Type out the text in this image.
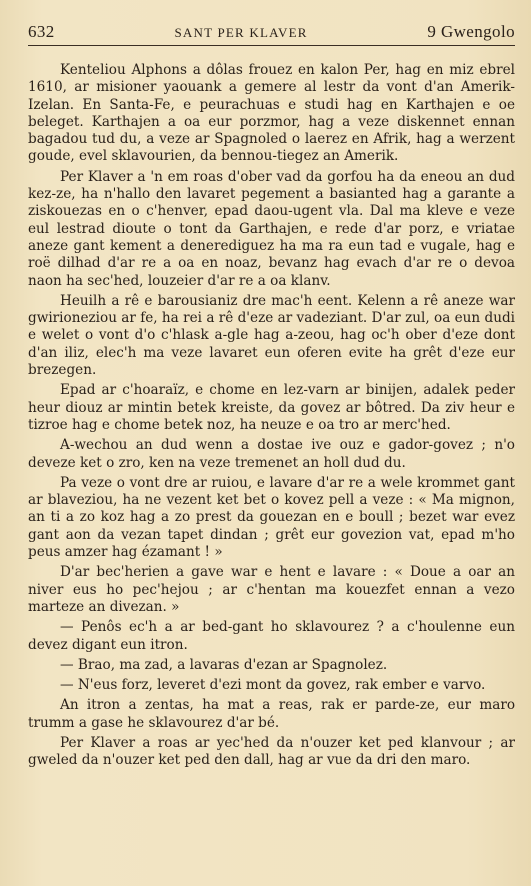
632	SANT PER KLAVER	9 Gwengolo

Kenteliou Alphons a dôlas frouez en kalon Per, hag en miz ebrel 1610, ar misioner yaouank a gemere al lestr da vont d'an Amerik-Izelan. En Santa-Fe, e peurachuas e studi hag en Karthajen e oe beleget. Karthajen a oa eur porzmor, hag a veze diskennet ennan bagadou tud du, a veze ar Spagnoled o laerez en Afrik, hag a werzent goude, evel sklavourien, da bennou-tiegez an Amerik.

Per Klaver a 'n em roas d'ober vad da gorfou ha da eneou an dud kez-ze, ha n'hallo den lavaret pegement a basianted hag a garante a ziskouezas en o c'henver, epad daou-ugent vla. Dal ma kleve e veze eul lestrad dioute o tont da Garthajen, e rede d'ar porz, e vriatae aneze gant kement a denerediguez ha ma ra eun tad e vugale, hag e roë dilhad d'ar re a oa en noaz, bevanz hag evach d'ar re o devoa naon ha sec'hed, louzeier d'ar re a oa klanv.

Heuilh a rê e barousianiz dre mac'h eent. Kelenn a rê aneze war gwirioneziou ar fe, ha rei a rê d'eze ar vadeziant. D'ar zul, oa eun dudi e welet o vont d'o c'hlask a-gle hag a-zeou, hag oc'h ober d'eze dont d'an iliz, elec'h ma veze lavaret eun oferen evite ha grêt d'eze eur brezegen.

Epad ar c'hoaraïz, e chome en lez-varn ar binijen, adalek peder heur diouz ar mintin betek kreiste, da govez ar bôtred. Da ziv heur e tizroe hag e chome betek noz, ha neuze e oa tro ar merc'hed.

A-wechou an dud wenn a dostae ive ouz e gador-govez ; n'o deveze ket o zro, ken na veze tremenet an holl dud du.

Pa veze o vont dre ar ruiou, e lavare d'ar re a wele krommet gant ar blaveziou, ha ne vezent ket bet o kovez pell a veze : « Ma mignon, an ti a zo koz hag a zo prest da gouezan en e boull ; bezet war evez gant aon da vezan tapet dindan ; grêt eur govezion vat, epad m'ho peus amzer hag ézamant ! »

D'ar bec'herien a gave war e hent e lavare : « Doue a oar an niver eus ho pec'hejou ; ar c'hentan ma kouezfet ennan a vezo marteze an divezan. »

— Penôs ec'h a ar bed-gant ho sklavourez ? a c'houlenne eun devez digant eun itron.

— Brao, ma zad, a lavaras d'ezan ar Spagnolez.

— N'eus forz, leveret d'ezi mont da govez, rak ember e varvo.

An itron a zentas, ha mat a reas, rak er parde-ze, eur maro trumm a gase he sklavourez d'ar bé.

Per Klaver a roas ar yec'hed da n'ouzer ket ped klanvour ; ar gweled da n'ouzer ket ped den dall, hag ar vue da dri den maro.
